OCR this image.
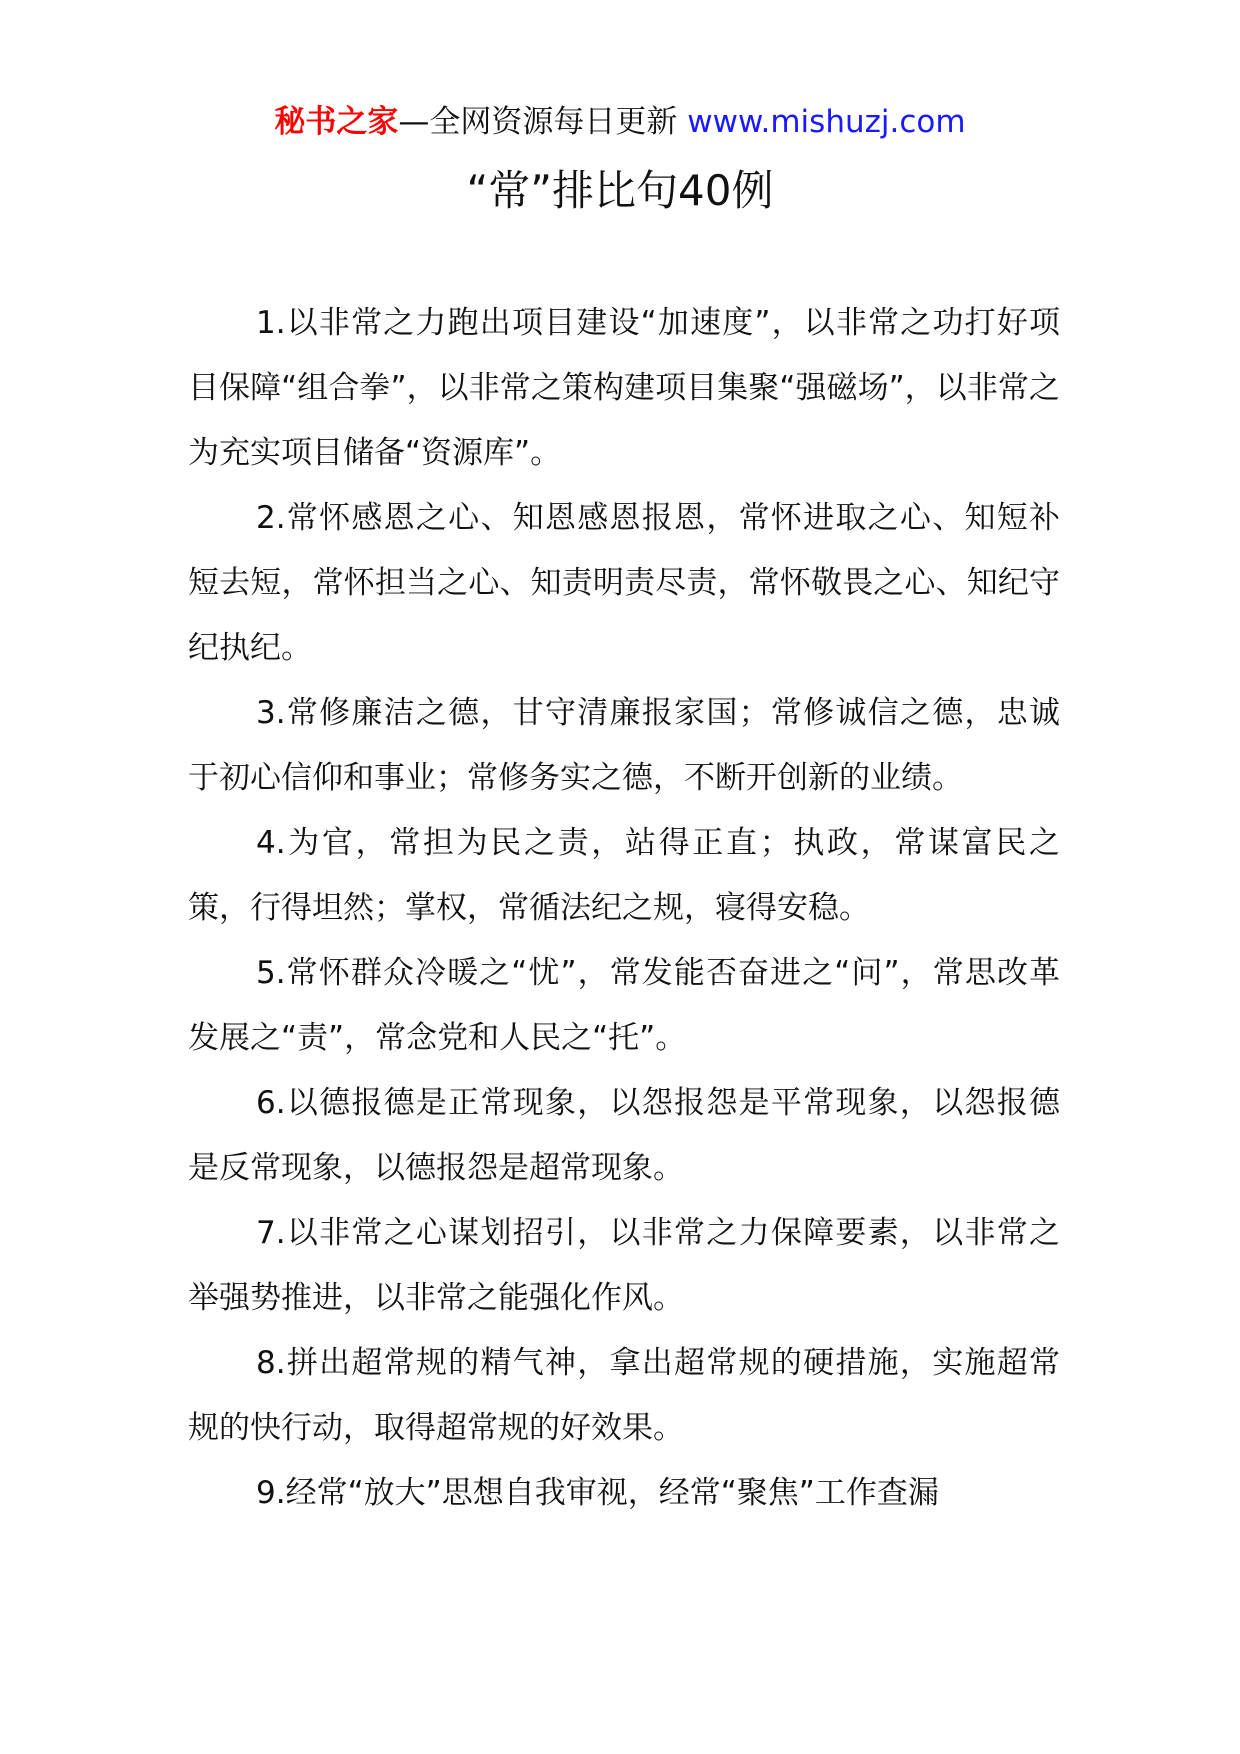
秘书之家—全网资源每日更新 www.mishuzj.com
“常”排比句40例

1.以非常之力跑出项目建设“加速度”，以非常之功打好项目保障“组合拳”，以非常之策构建项目集聚“强磁场”，以非常之为充实项目储备“资源库”。

2.常怀感恩之心、知恩感恩报恩，常怀进取之心、知短补短去短，常怀担当之心、知责明责尽责，常怀敬畏之心、知纪守纪执纪。

3.常修廉洁之德，甘守清廉报家国；常修诚信之德，忠诚于初心信仰和事业；常修务实之德，不断开创新的业绩。

4.为官，常担为民之责，站得正直；执政，常谋富民之策，行得坦然；掌权，常循法纪之规，寝得安稳。

5.常怀群众冷暖之“忧”，常发能否奋进之“问”，常思改革发展之“责”，常念党和人民之“托”。

6.以德报德是正常现象，以怨报怨是平常现象，以怨报德是反常现象，以德报怨是超常现象。

7.以非常之心谋划招引，以非常之力保障要素，以非常之举强势推进，以非常之能强化作风。

8.拼出超常规的精气神，拿出超常规的硬措施，实施超常规的快行动，取得超常规的好效果。

9.经常“放大”思想自我审视，经常“聚焦”工作查漏
